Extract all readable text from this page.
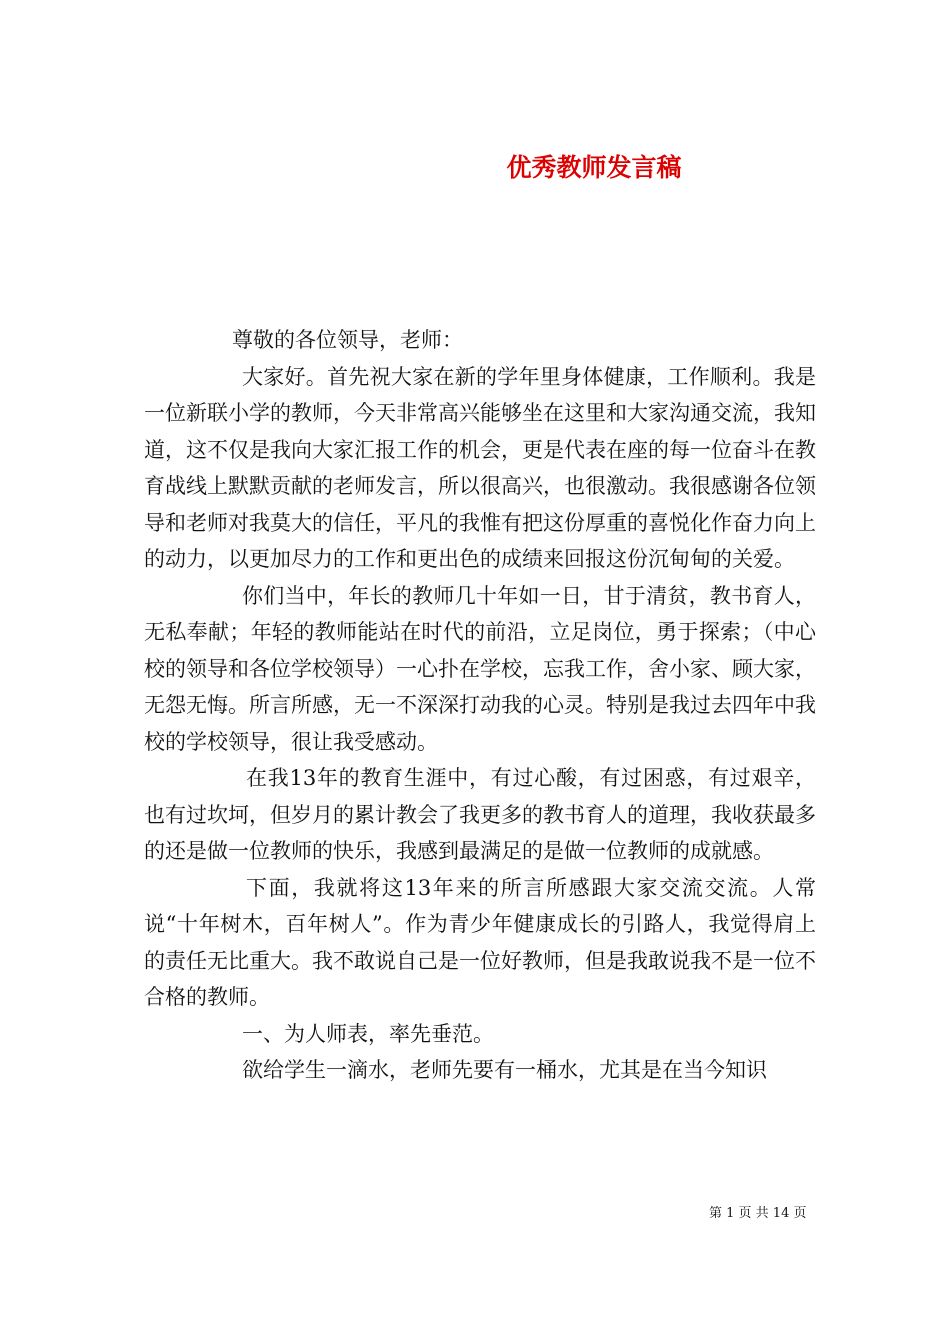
优秀教师发言稿

尊敬的各位领导，老师：

大家好。首先祝大家在新的学年里身体健康，工作顺利。我是一位新联小学的教师，今天非常高兴能够坐在这里和大家沟通交流，我知道，这不仅是我向大家汇报工作的机会，更是代表在座的每一位奋斗在教育战线上默默贡献的老师发言，所以很高兴，也很激动。我很感谢各位领导和老师对我莫大的信任，平凡的我惟有把这份厚重的喜悦化作奋力向上的动力，以更加尽力的工作和更出色的成绩来回报这份沉甸甸的关爱。

你们当中，年长的教师几十年如一日，甘于清贫，教书育人，无私奉献；年轻的教师能站在时代的前沿，立足岗位，勇于探索；（中心校的领导和各位学校领导）一心扑在学校，忘我工作，舍小家、顾大家，无怨无悔。所言所感，无一不深深打动我的心灵。特别是我过去四年中我校的学校领导，很让我受感动。

在我13年的教育生涯中，有过心酸，有过困惑，有过艰辛，也有过坎坷，但岁月的累计教会了我更多的教书育人的道理，我收获最多的还是做一位教师的快乐，我感到最满足的是做一位教师的成就感。

下面，我就将这13年来的所言所感跟大家交流交流。人常说“十年树木，百年树人”。作为青少年健康成长的引路人，我觉得肩上的责任无比重大。我不敢说自己是一位好教师，但是我敢说我不是一位不合格的教师。

一、为人师表，率先垂范。

欲给学生一滴水，老师先要有一桶水，尤其是在当今知识

第 1 页 共 14 页
